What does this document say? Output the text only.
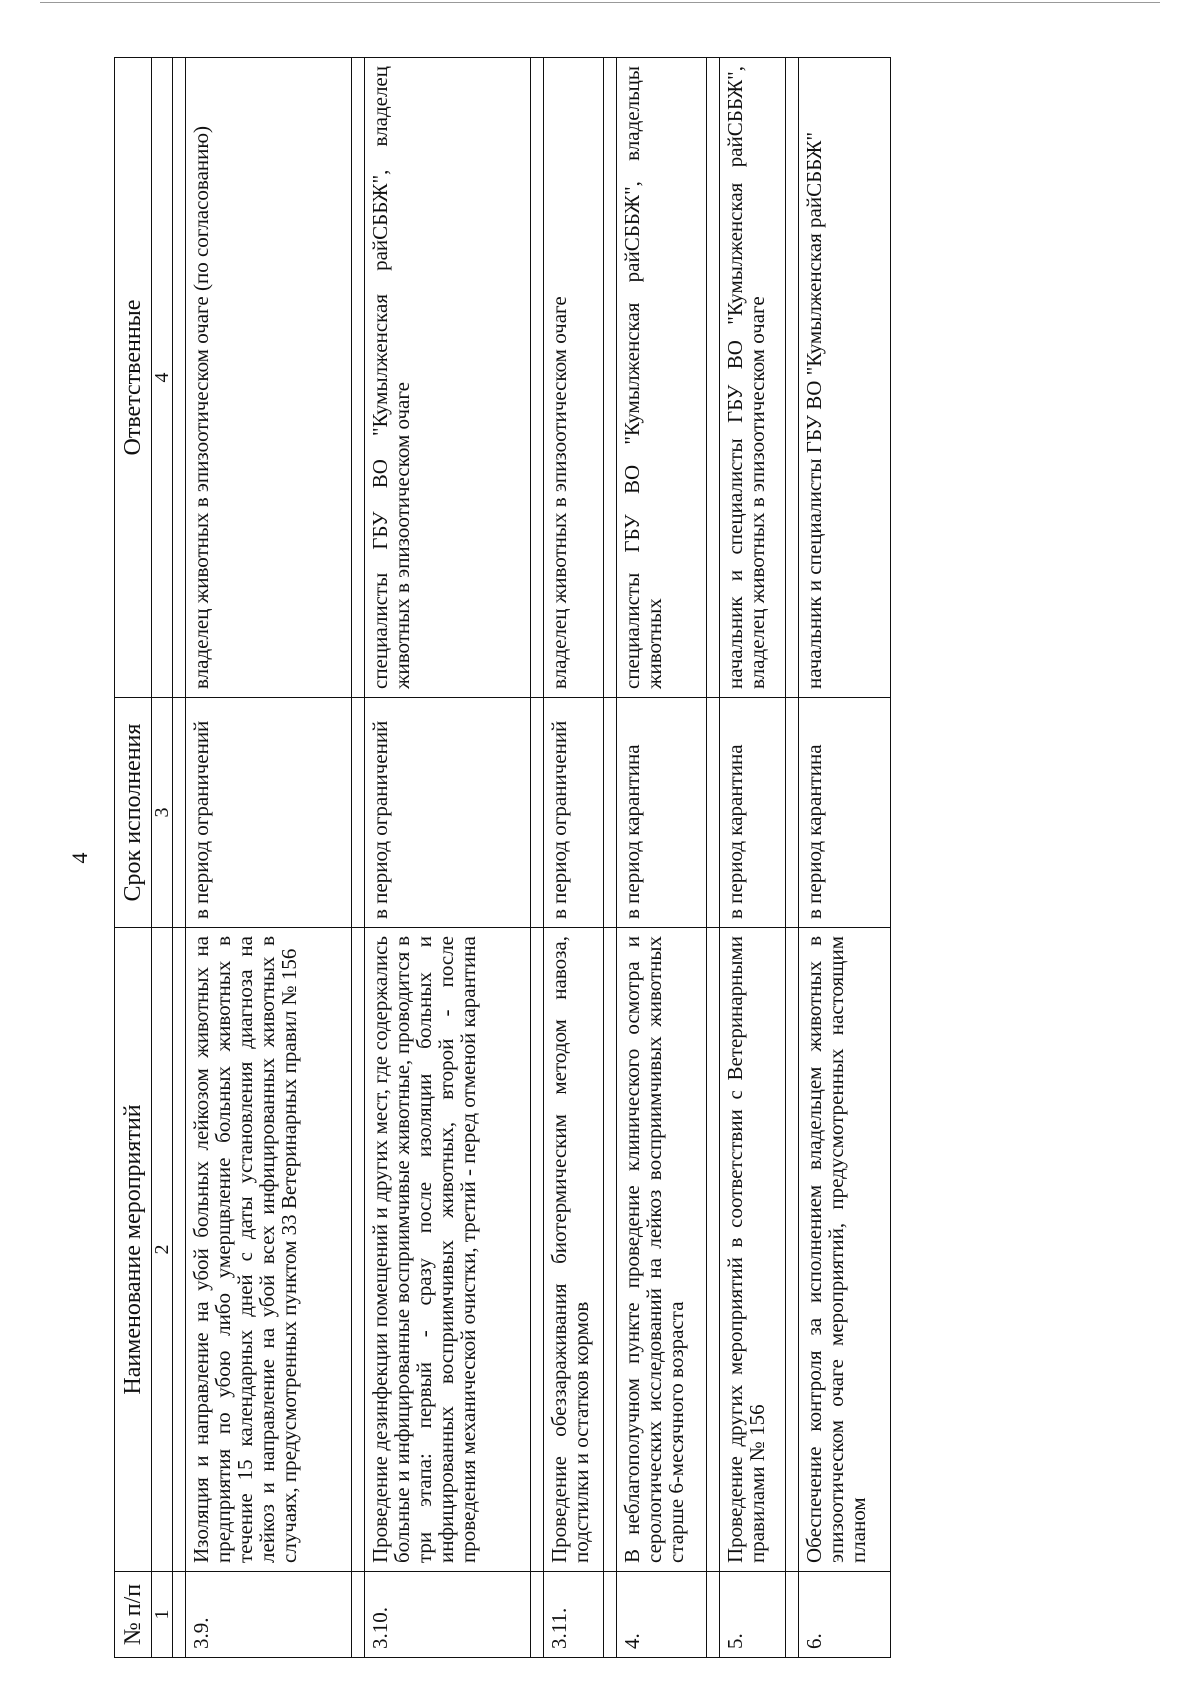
4
№ п/п	Наименование мероприятий	Срок исполнения	Ответственные
1	2	3	4

3.9.	Изоляция и направление на убой больных лейкозом животных на предприятия по убою либо умерщвление больных животных в течение 15 календарных дней с даты установления диагноза на лейкоз и направление на убой всех инфицированных животных в случаях, предусмотренных пунктом 33 Ветеринарных правил № 156	в период ограничений	владелец животных в эпизоотическом очаге (по согласованию)

3.10.	Проведение дезинфекции помещений и других мест, где содержались больные и инфицированные восприимчивые животные, проводится в три этапа: первый - сразу после изоляции больных и инфицированных восприимчивых животных, второй - после проведения механической очистки, третий - перед отменой карантина	в период ограничений	специалисты ГБУ ВО "Кумылженская райСББЖ", владелец животных в эпизоотическом очаге

3.11.	Проведение обеззараживания биотермическим методом навоза, подстилки и остатков кормов	в период ограничений	владелец животных в эпизоотическом очаге

4.	В неблагополучном пункте проведение клинического осмотра и серологических исследований на лейкоз восприимчивых животных старше 6-месячного возраста	в период карантина	специалисты ГБУ ВО "Кумылженская райСББЖ", владельцы животных

5.	Проведение других мероприятий в соответствии с Ветеринарными правилами № 156	в период карантина	начальник и специалисты ГБУ ВО "Кумылженская райСББЖ", владелец животных в эпизоотическом очаге

6.	Обеспечение контроля за исполнением владельцем животных в эпизоотическом очаге мероприятий, предусмотренных настоящим планом	в период карантина	начальник и специалисты ГБУ ВО "Кумылженская райСББЖ"
